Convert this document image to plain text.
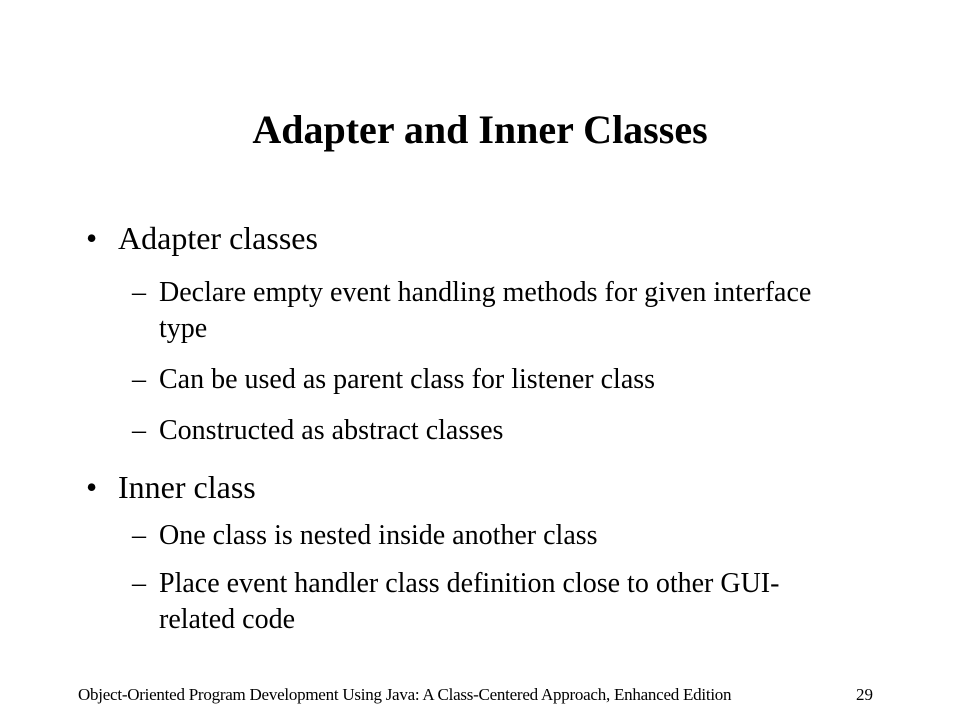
Adapter and Inner Classes
• Adapter classes
– Declare empty event handling methods for given interface type
– Can be used as parent class for listener class
– Constructed as abstract classes
• Inner class
– One class is nested inside another class
– Place event handler class definition close to other GUI-related code
Object-Oriented Program Development Using Java: A Class-Centered Approach, Enhanced Edition	29
